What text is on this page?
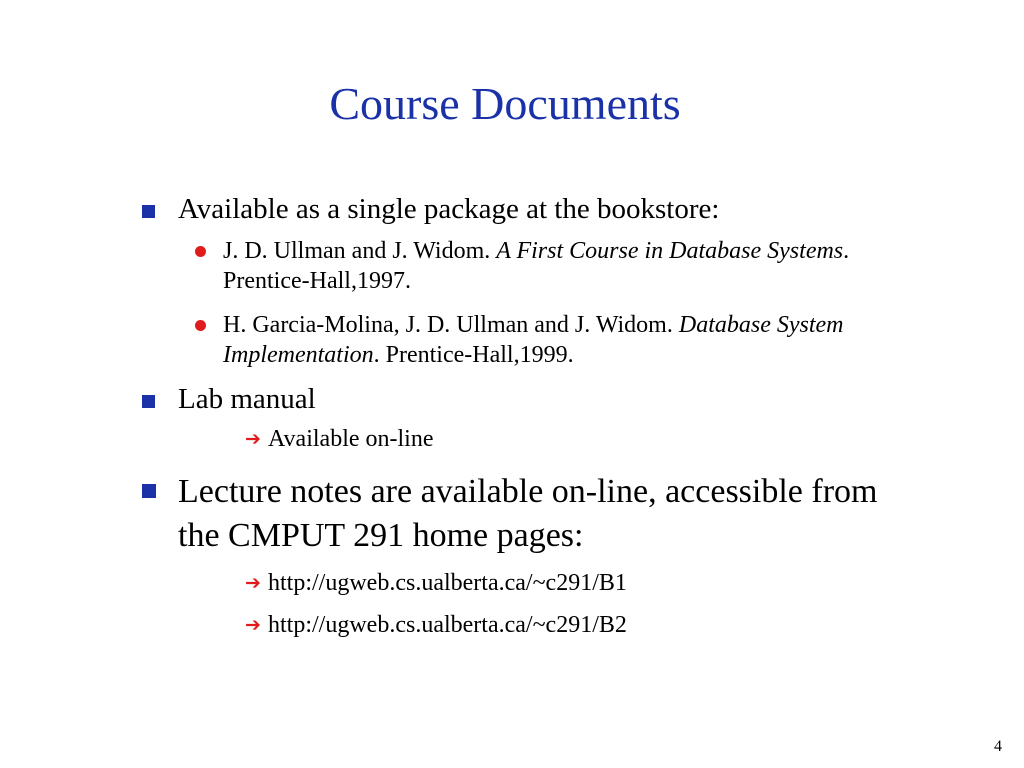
Course Documents
Available as a single package at the bookstore:
J. D. Ullman and J. Widom. A First Course in Database Systems. Prentice-Hall,1997.
H. Garcia-Molina, J. D. Ullman and J. Widom. Database System Implementation. Prentice-Hall,1999.
Lab manual
➔ Available on-line
Lecture notes are available on-line, accessible from the CMPUT 291 home pages:
➔ http://ugweb.cs.ualberta.ca/~c291/B1
➔ http://ugweb.cs.ualberta.ca/~c291/B2
4
